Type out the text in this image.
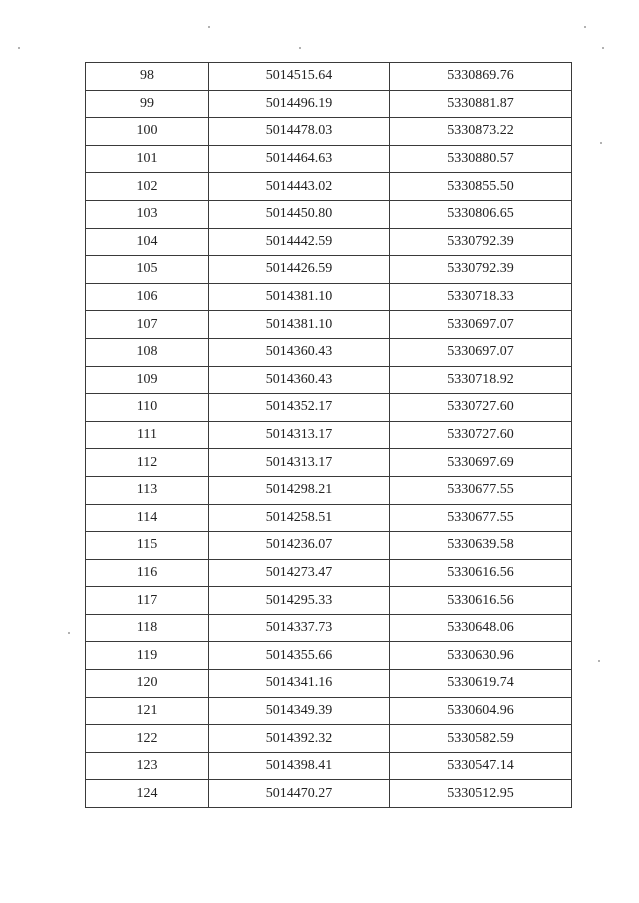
98	5014515.64	5330869.76
99	5014496.19	5330881.87
100	5014478.03	5330873.22
101	5014464.63	5330880.57
102	5014443.02	5330855.50
103	5014450.80	5330806.65
104	5014442.59	5330792.39
105	5014426.59	5330792.39
106	5014381.10	5330718.33
107	5014381.10	5330697.07
108	5014360.43	5330697.07
109	5014360.43	5330718.92
110	5014352.17	5330727.60
111	5014313.17	5330727.60
112	5014313.17	5330697.69
113	5014298.21	5330677.55
114	5014258.51	5330677.55
115	5014236.07	5330639.58
116	5014273.47	5330616.56
117	5014295.33	5330616.56
118	5014337.73	5330648.06
119	5014355.66	5330630.96
120	5014341.16	5330619.74
121	5014349.39	5330604.96
122	5014392.32	5330582.59
123	5014398.41	5330547.14
124	5014470.27	5330512.95
